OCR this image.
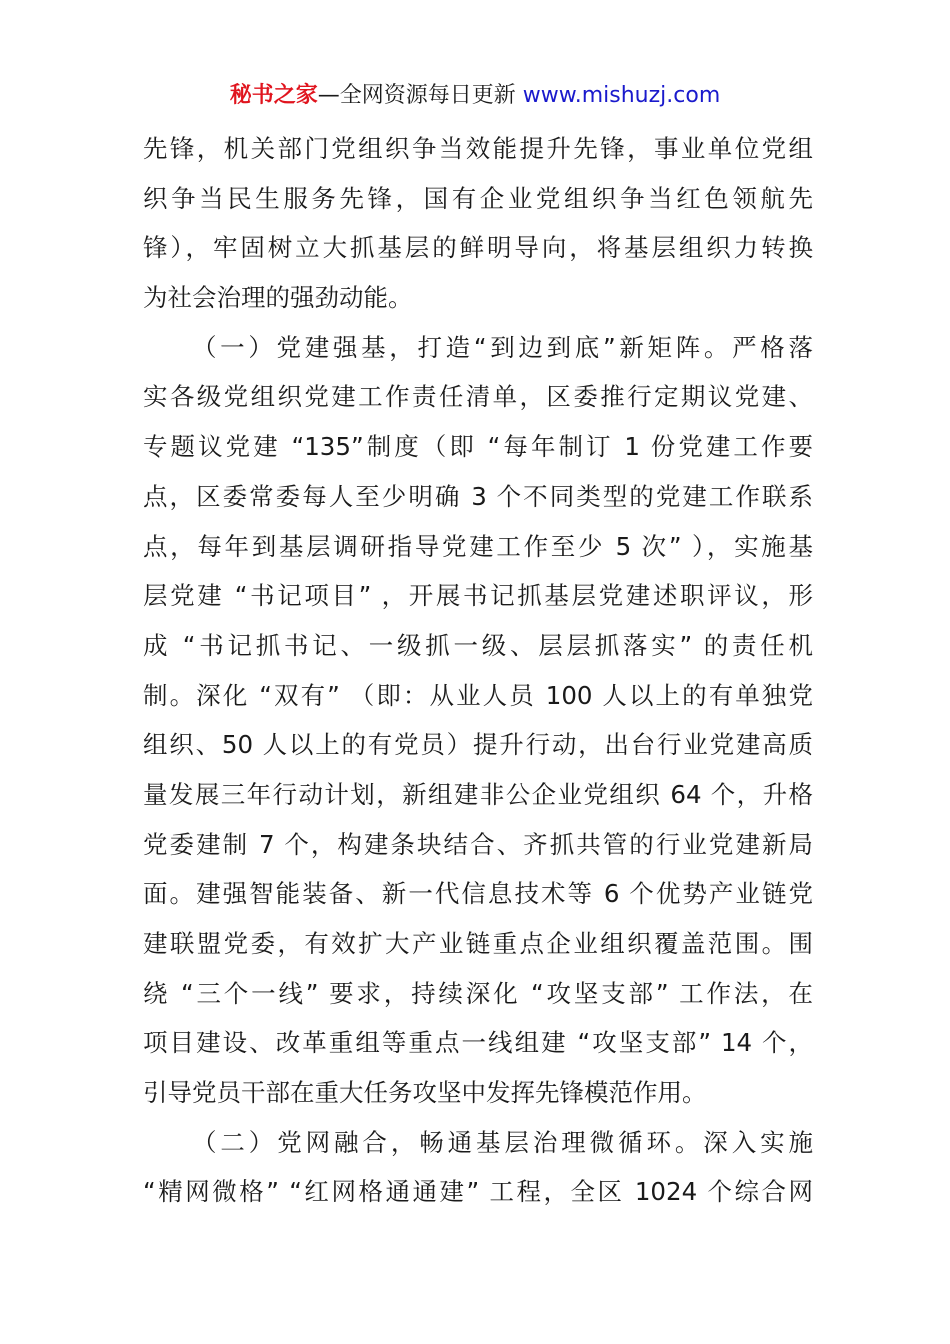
秘书之家—全网资源每日更新 www.mishuzj.com
先锋，机关部门党组织争当效能提升先锋，事业单位党组
织争当民生服务先锋，国有企业党组织争当红色领航先
锋），牢固树立大抓基层的鲜明导向，将基层组织力转换
为社会治理的强劲动能。
（一）党建强基，打造“到边到底”新矩阵。严格落
实各级党组织党建工作责任清单，区委推行定期议党建、
专题议党建 “135”制度（即 “每年制订 1 份党建工作要
点，区委常委每人至少明确 3 个不同类型的党建工作联系
点，每年到基层调研指导党建工作至少 5 次” ），实施基
层党建 “书记项目” ，开展书记抓基层党建述职评议，形
成 “书记抓书记、一级抓一级、层层抓落实” 的责任机
制。深化 “双有” （即：从业人员 100 人以上的有单独党
组织、50 人以上的有党员）提升行动，出台行业党建高质
量发展三年行动计划，新组建非公企业党组织 64 个，升格
党委建制 7 个，构建条块结合、齐抓共管的行业党建新局
面。建强智能装备、新一代信息技术等 6 个优势产业链党
建联盟党委，有效扩大产业链重点企业组织覆盖范围。围
绕 “三个一线” 要求，持续深化 “攻坚支部” 工作法，在
项目建设、改革重组等重点一线组建 “攻坚支部” 14 个，
引导党员干部在重大任务攻坚中发挥先锋模范作用。
（二）党网融合，畅通基层治理微循环。深入实施
“精网微格” “红网格通通建” 工程，全区 1024 个综合网
